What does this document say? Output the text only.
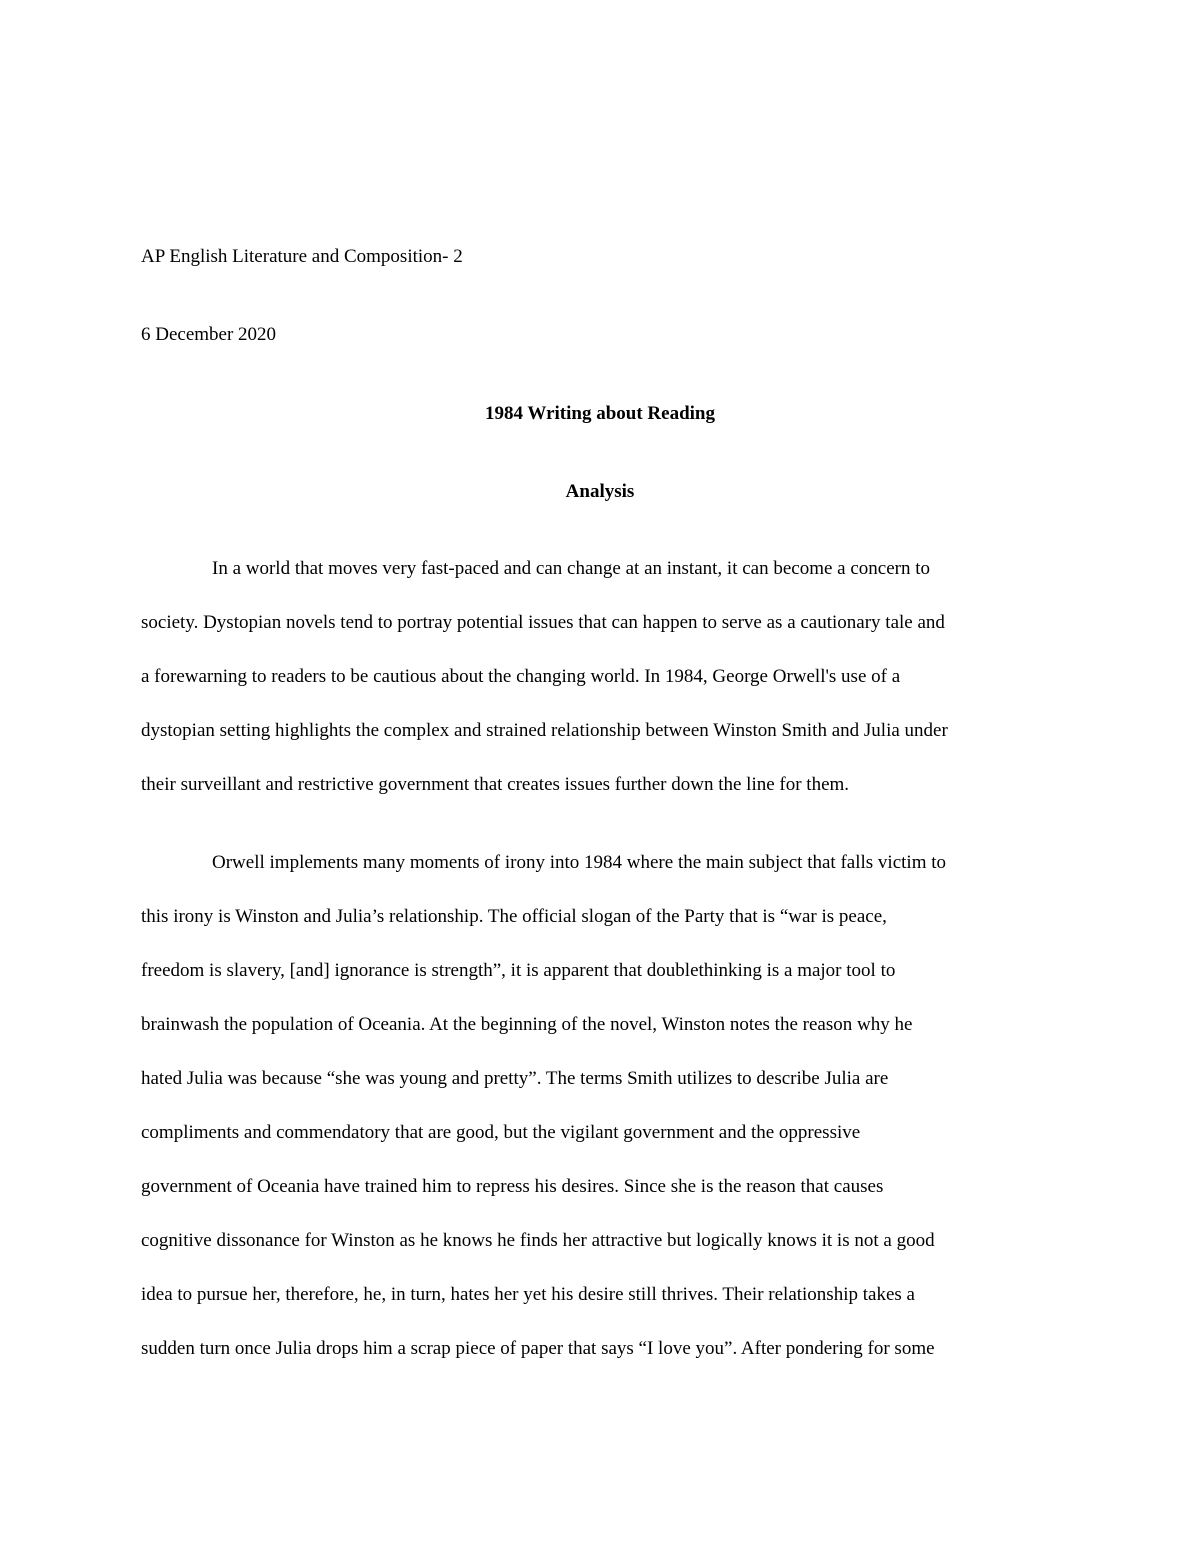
AP English Literature and Composition- 2

6 December 2020

1984 Writing about Reading

Analysis

In a world that moves very fast-paced and can change at an instant, it can become a concern to

society. Dystopian novels tend to portray potential issues that can happen to serve as a cautionary tale and

a forewarning to readers to be cautious about the changing world. In 1984, George Orwell's use of a

dystopian setting highlights the complex and strained relationship between Winston Smith and Julia under

their surveillant and restrictive government that creates issues further down the line for them.

Orwell implements many moments of irony into 1984 where the main subject that falls victim to

this irony is Winston and Julia’s relationship. The official slogan of the Party that is “war is peace,

freedom is slavery, [and] ignorance is strength”, it is apparent that doublethinking is a major tool to

brainwash the population of Oceania. At the beginning of the novel, Winston notes the reason why he

hated Julia was because “she was young and pretty”. The terms Smith utilizes to describe Julia are

compliments and commendatory that are good, but the vigilant government and the oppressive

government of Oceania have trained him to repress his desires. Since she is the reason that causes

cognitive dissonance for Winston as he knows he finds her attractive but logically knows it is not a good

idea to pursue her, therefore, he, in turn, hates her yet his desire still thrives. Their relationship takes a

sudden turn once Julia drops him a scrap piece of paper that says “I love you”. After pondering for some
